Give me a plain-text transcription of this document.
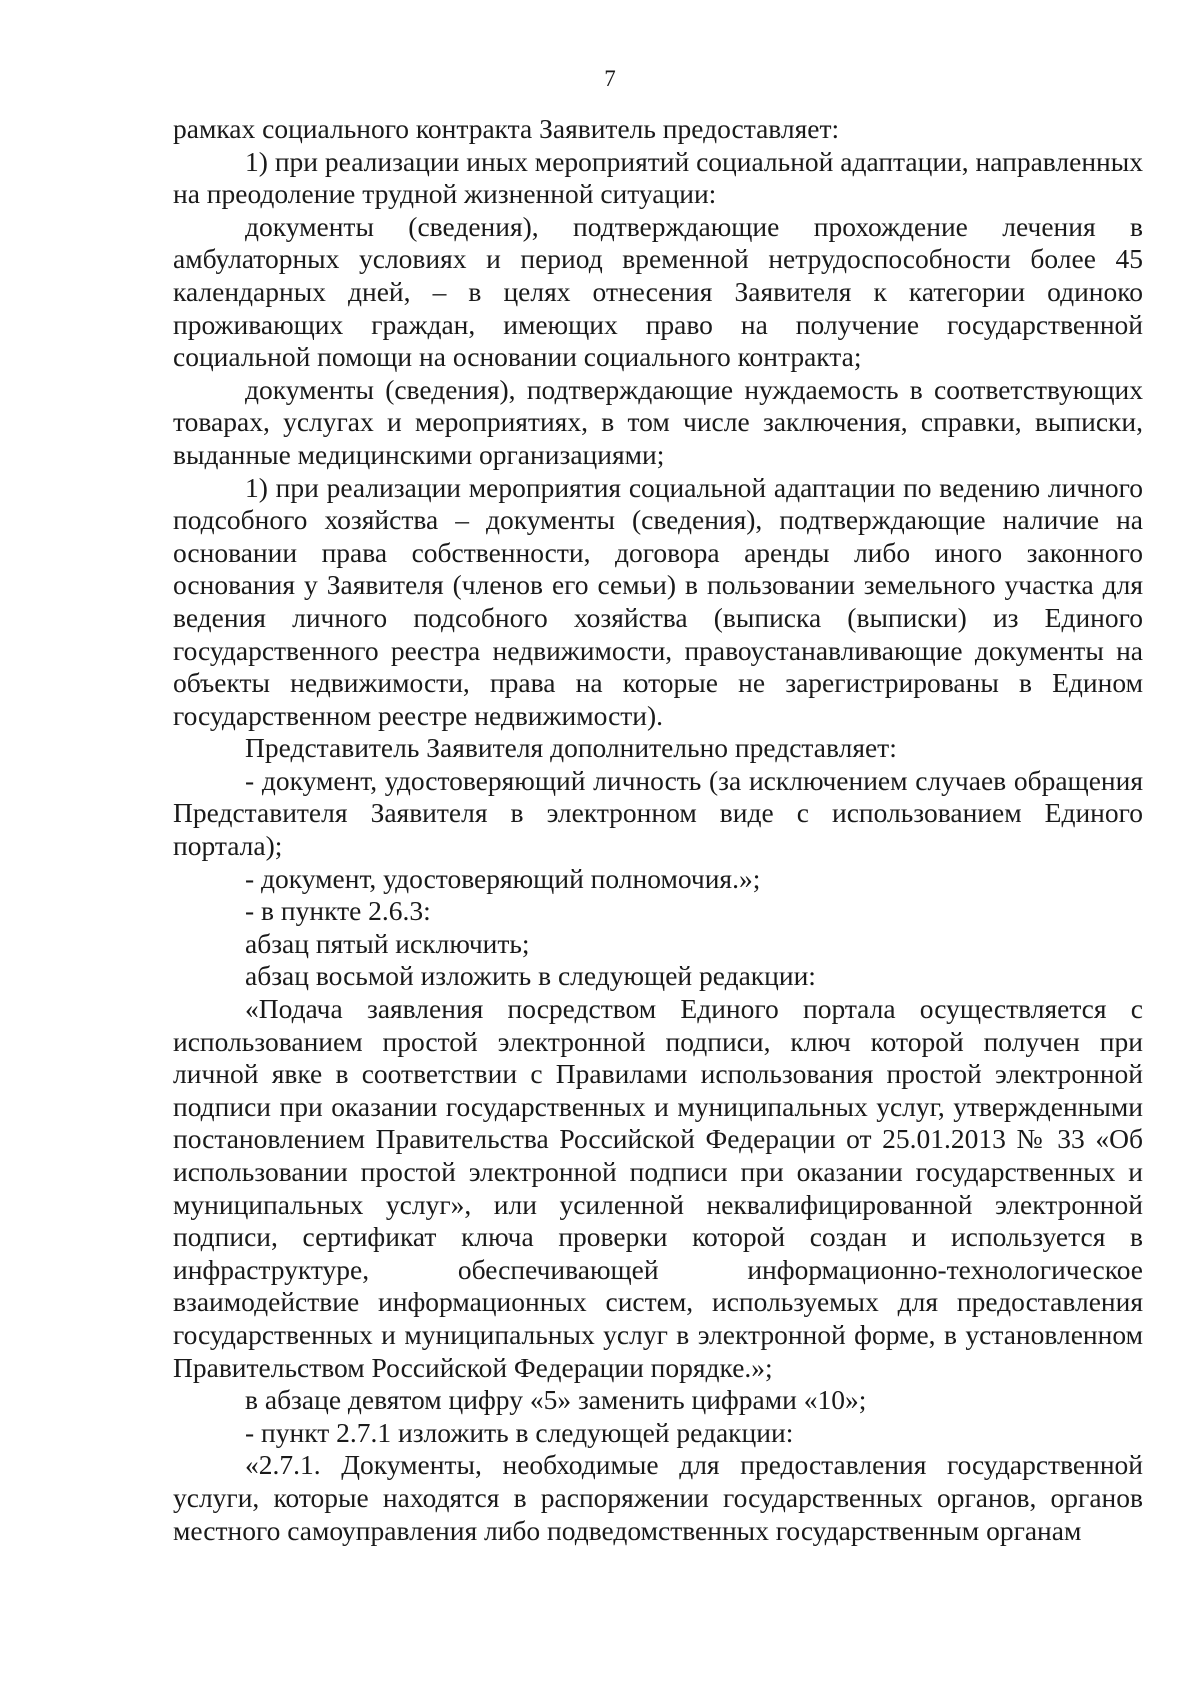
7

рамках социального контракта Заявитель предоставляет:

1) при реализации иных мероприятий социальной адаптации, направленных на преодоление трудной жизненной ситуации:

документы (сведения), подтверждающие прохождение лечения в амбулаторных условиях и период временной нетрудоспособности более 45 календарных дней, – в целях отнесения Заявителя к категории одиноко проживающих граждан, имеющих право на получение государственной социальной помощи на основании социального контракта;

документы (сведения), подтверждающие нуждаемость в соответствующих товарах, услугах и мероприятиях, в том числе заключения, справки, выписки, выданные медицинскими организациями;

1) при реализации мероприятия социальной адаптации по ведению личного подсобного хозяйства – документы (сведения), подтверждающие наличие на основании права собственности, договора аренды либо иного законного основания у Заявителя (членов его семьи) в пользовании земельного участка для ведения личного подсобного хозяйства (выписка (выписки) из Единого государственного реестра недвижимости, правоустанавливающие документы на объекты недвижимости, права на которые не зарегистрированы в Едином государственном реестре недвижимости).

Представитель Заявителя дополнительно представляет:

- документ, удостоверяющий личность (за исключением случаев обращения Представителя Заявителя в электронном виде с использованием Единого портала);

- документ, удостоверяющий полномочия.»;

- в пункте 2.6.3:

абзац пятый исключить;

абзац восьмой изложить в следующей редакции:

«Подача заявления посредством Единого портала осуществляется с использованием простой электронной подписи, ключ которой получен при личной явке в соответствии с Правилами использования простой электронной подписи при оказании государственных и муниципальных услуг, утвержденными постановлением Правительства Российской Федерации от 25.01.2013 № 33 «Об использовании простой электронной подписи при оказании государственных и муниципальных услуг», или усиленной неквалифицированной электронной подписи, сертификат ключа проверки которой создан и используется в инфраструктуре, обеспечивающей информационно-технологическое взаимодействие информационных систем, используемых для предоставления государственных и муниципальных услуг в электронной форме, в установленном Правительством Российской Федерации порядке.»;

в абзаце девятом цифру «5» заменить цифрами «10»;

- пункт 2.7.1 изложить в следующей редакции:

«2.7.1. Документы, необходимые для предоставления государственной услуги, которые находятся в распоряжении государственных органов, органов местного самоуправления либо подведомственных государственным органам
